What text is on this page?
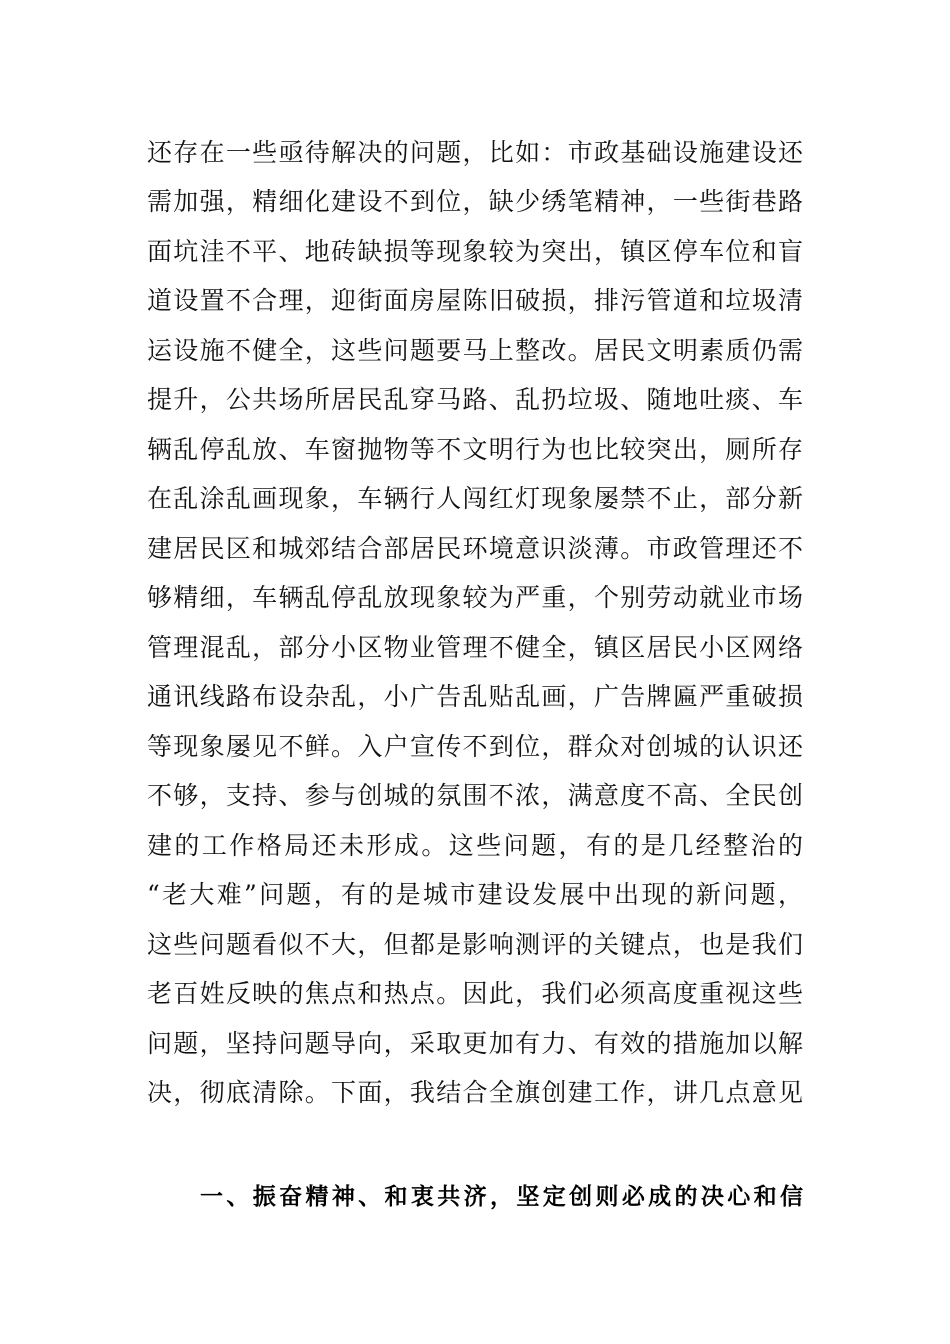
还存在一些亟待解决的问题，比如：市政基础设施建设还
需加强，精细化建设不到位，缺少绣笔精神，一些街巷路
面坑洼不平、地砖缺损等现象较为突出，镇区停车位和盲
道设置不合理，迎街面房屋陈旧破损，排污管道和垃圾清
运设施不健全，这些问题要马上整改。居民文明素质仍需
提升，公共场所居民乱穿马路、乱扔垃圾、随地吐痰、车
辆乱停乱放、车窗抛物等不文明行为也比较突出，厕所存
在乱涂乱画现象，车辆行人闯红灯现象屡禁不止，部分新
建居民区和城郊结合部居民环境意识淡薄。市政管理还不
够精细，车辆乱停乱放现象较为严重，个别劳动就业市场
管理混乱，部分小区物业管理不健全，镇区居民小区网络
通讯线路布设杂乱，小广告乱贴乱画，广告牌匾严重破损
等现象屡见不鲜。入户宣传不到位，群众对创城的认识还
不够，支持、参与创城的氛围不浓，满意度不高、全民创
建的工作格局还未形成。这些问题，有的是几经整治的
“老大难”问题，有的是城市建设发展中出现的新问题，
这些问题看似不大，但都是影响测评的关键点，也是我们
老百姓反映的焦点和热点。因此，我们必须高度重视这些
问题，坚持问题导向，采取更加有力、有效的措施加以解
决，彻底清除。下面，我结合全旗创建工作，讲几点意见
一、振奋精神、和衷共济，坚定创则必成的决心和信
